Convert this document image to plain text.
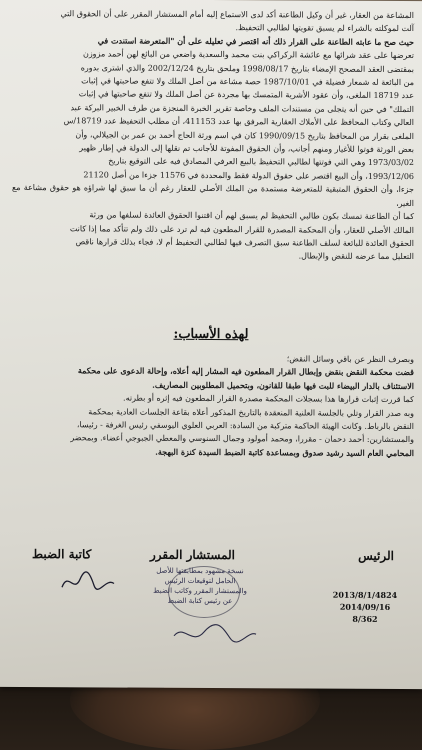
المشاعة من العقار، غير أن وكيل الطاعنة أكد لدى الاستماع إليه أمام المستشار المقرر على أن الحقوق التي

آلت لموكلته بالشراء لم يسبق تقويتها لطالبي التحفيظ.

حيث صح ما عابته الطاعنة على القرار ذلك أنه اقتصر في تعليله على أن "المتعرضة استندت في

تعرضها على عقد شرائها مع عائشة الركراكي بنت محمد والسعدية واضعي من البائع لهن أحمد مزوزن

بمقتضى العقد المصحح الإمضاء بتاريخ 1998/08/17 وملحق بتاريخ 2002/12/24 والذي اشترى بدوره

من البائعة له شمعار فضيلة في 1987/10/01 حصة مشاعة من أصل الملك ولا تتفع صاحبتها في إثبات

عدد 18719 الملغى، وأن عقود الأشرية المتمسك بها مجردة عن أصل الملك ولا تتفع صاحبتها في إثبات

التملك" في حين أنه يتجلى من مستندات الملف وخاصة تقرير الخبرة المنجزة من طرف الخبير البركة عبد

العالي وكتاب المحافظ على الأملاك العقارية المرفق بها عدد 411153، أن مطلب التحفيظ عدد 18719/س

الملغى بقرار من المحافظ بتاريخ 1990/09/15 كان في اسم ورثة الحاج أحمد بن عمر بن الجيلالي، وأن

بعض الورثة فوتوا للأغيار ومنهم أجانب، وأن الحقوق المفوتة للأجانب تم نقلها إلى الدولة في إطار ظهير

1973/03/02 وهي التي فوتتها لطالبي التحفيظ بالبيع العرفي المصادق فيه على التوقيع بتاريخ

1993/12/06، وأن البيع اقتصر على حقوق الدولة فقط والمحددة في 11576 جزءا من أصل 21120

جزءا، وأن الحقوق المتبقية للمتعرضة مستمدة من الملك الأصلي للعقار رغم أن ما سبق لها شراؤه هو حقوق مشاعة مع الغير،

كما أن الطاعنة تمسك بكون طالبي التحفيظ لم يسبق لهم أن اقتنوا الحقوق العائدة لسلفها من ورثة

المالك الأصلي للعقار، وأن المحكمة المصدرة للقرار المطعون فيه لم ترد على ذلك ولم تتأكد مما إذا كانت

الحقوق العائدة للبائعة لسلف الطاعنة سبق التصرف فيها لطالبي التحفيظ أم لا، فجاء بذلك قرارها ناقص

التعليل مما عرضه للنقض والإبطال.

لهذه الأسباب:

وبصرف النظر عن باقي وسائل النقض؛

قضت محكمة النقض بنقض وإبطال القرار المطعون فيه المشار إليه أعلاه، وإحالة الدعوى على محكمة

الاستئناف بالدار البيضاء للبت فيها طبقا للقانون، وبتحميل المطلوبين المصاريف.

كما قررت إثبات قرارها هذا بسجلات المحكمة مصدرة القرار المطعون فيه إثره أو بطرته.

وبه صدر القرار وتلي بالجلسة العلنية المنعقدة بالتاريخ المذكور أعلاه بقاعة الجلسات العادية بمحكمة

النقض بالرباط. وكانت الهيئة الحاكمة متركبة من السادة: العربي العلوي اليوسفي رئيس الغرفة - رئيسا،

والمستشارين: أحمد دحمان - مقررا، ومحمد أمولود وجمال السنوسي والمعطي الجبوجي أعضاء. وبمحضر

المحامي العام السيد رشيد صدوق وبمساعدة كاتبة الضبط السيدة كنزة البهجة.

الرئيس
المستشار المقرر
كاتبة الضبط
نسخة مشهود بمطابقتها للأصل
الحامل لتوقيعات الرئيس
والمستشار المقرر وكاتب الضبط
عن رئيس كتابة الضبط
2013/8/1/4824
2014/09/16
8/362
